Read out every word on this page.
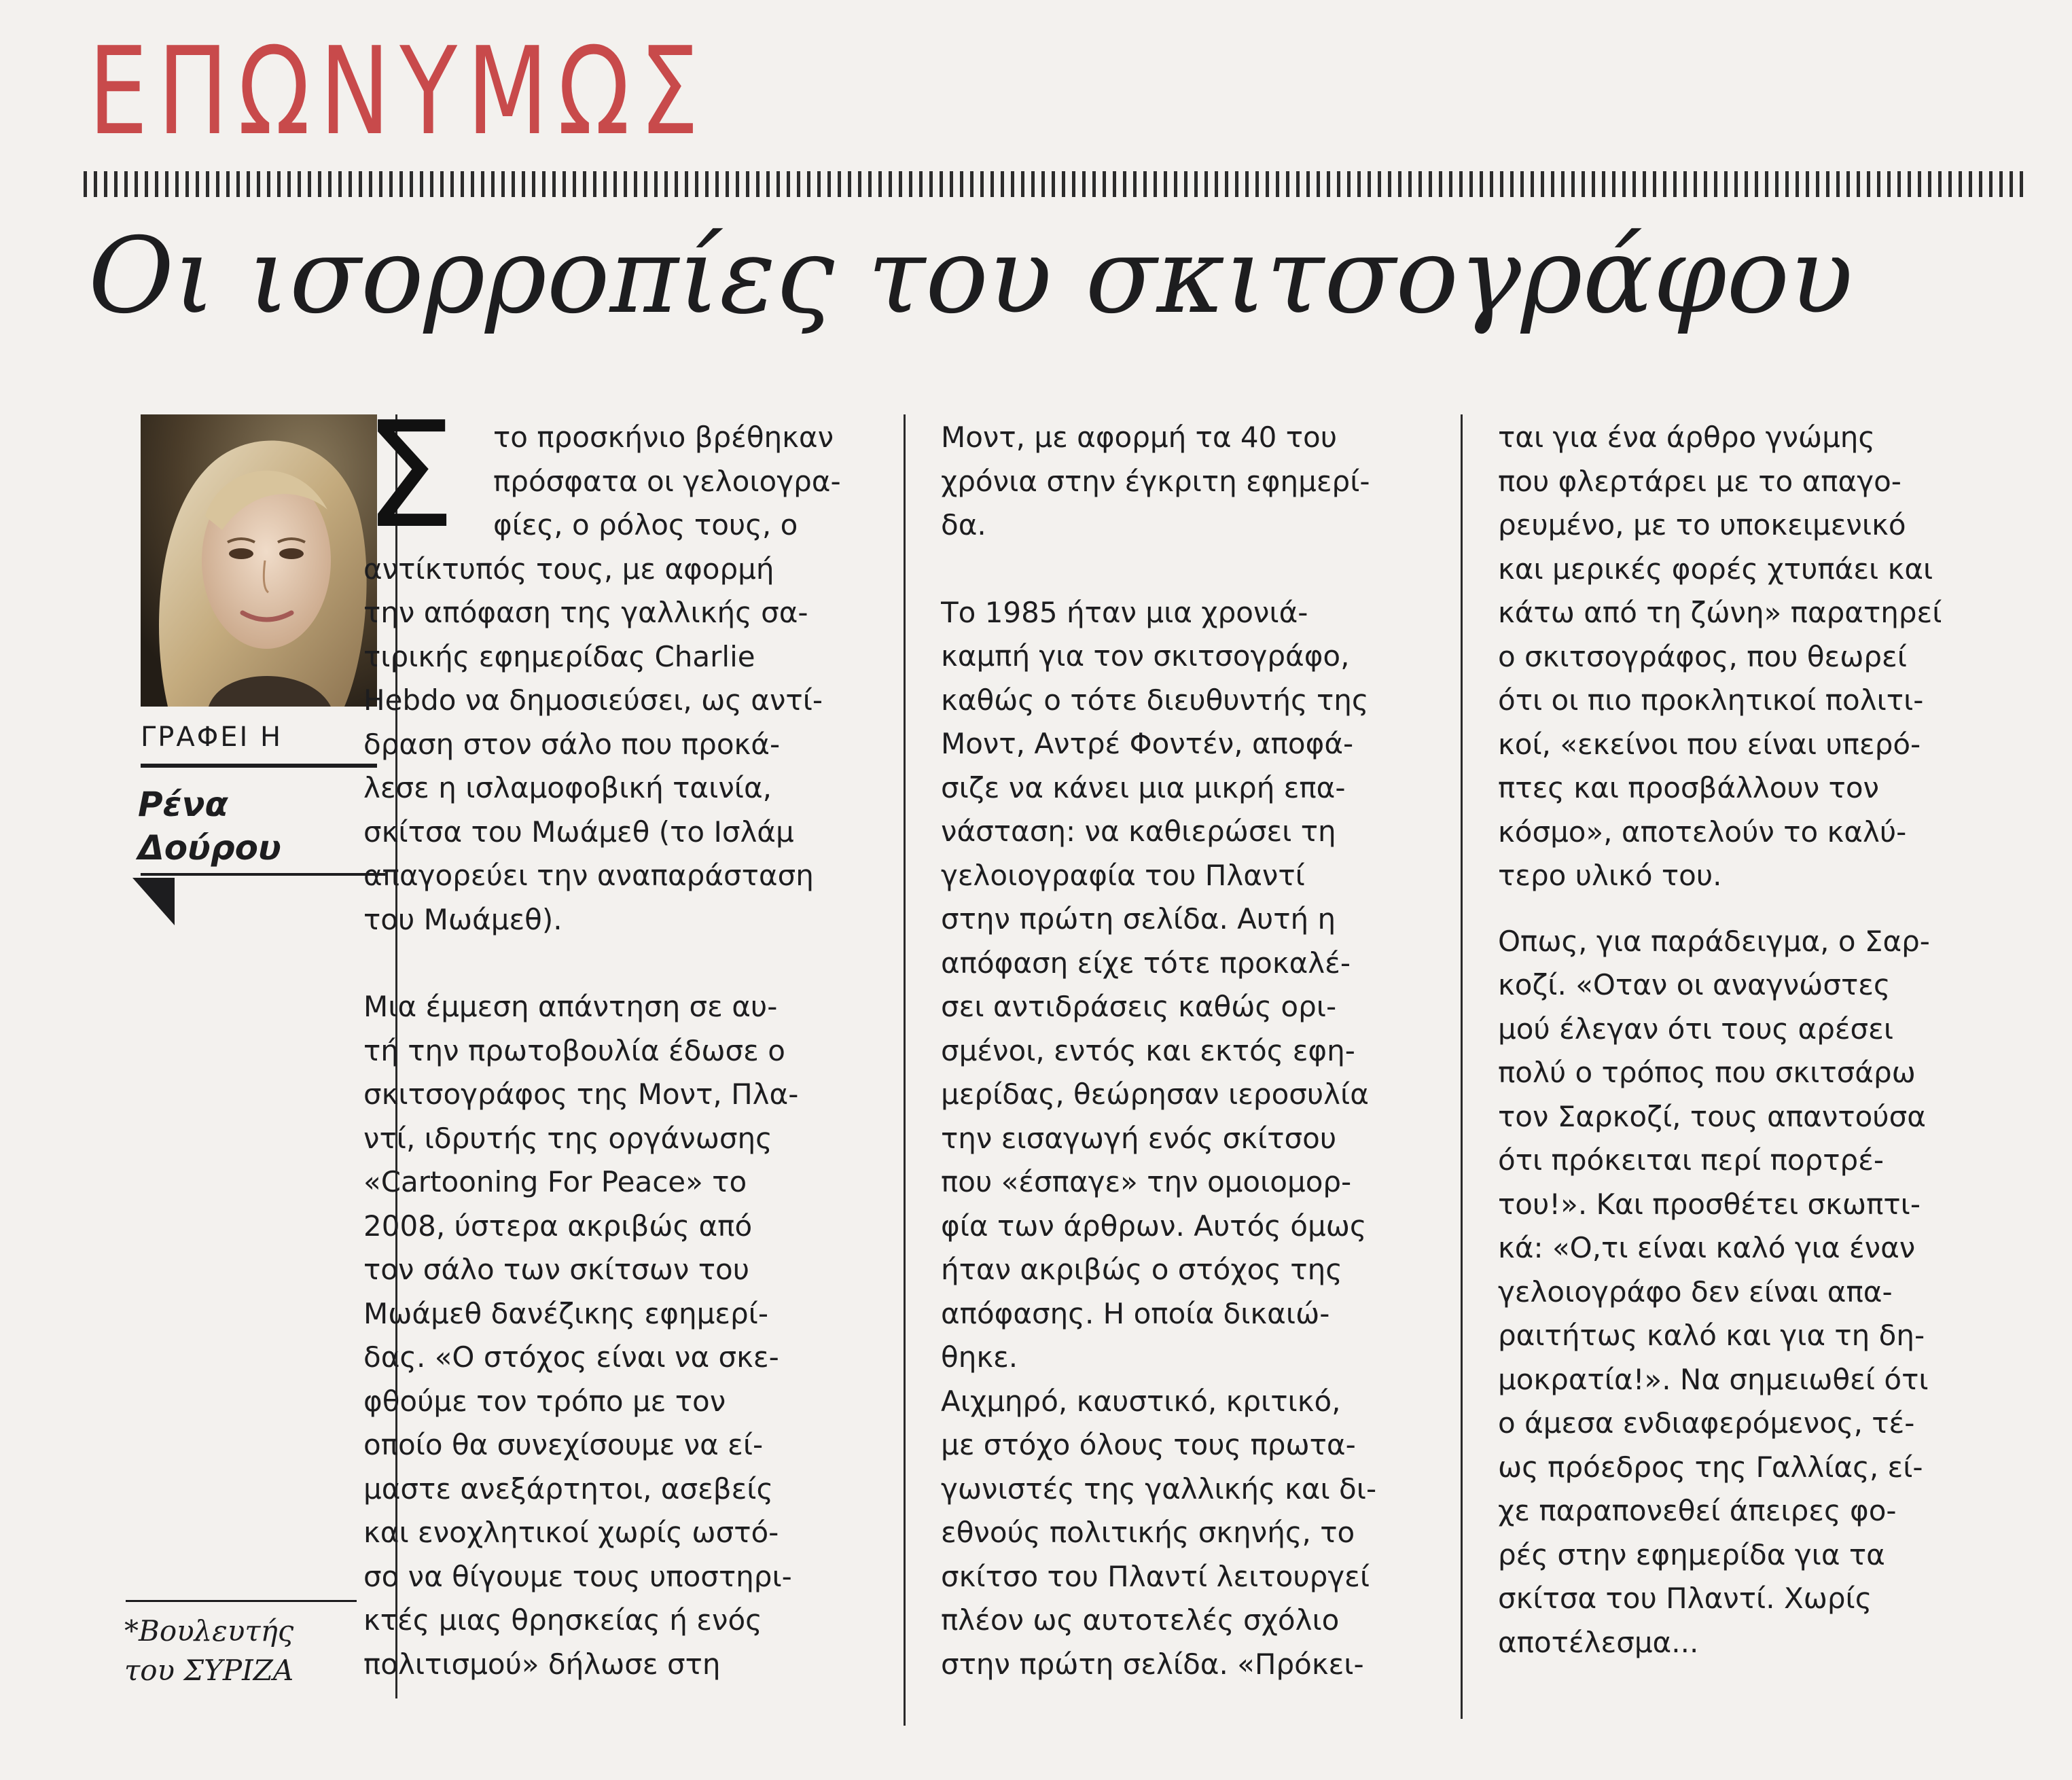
ΕΠΩΝΥΜΩΣ
Οι ισορροπίες του σκιτσογράφου
ΓΡΑΦΕΙ Η
Ρένα
Δούρου
*Βουλευτής
του ΣΥΡΙΖΑ

Σ	το προσκήνιο βρέθηκαν
πρόσφατα οι γελοιογρα-
φίες, ο ρόλος τους, ο
αντίκτυπός τους, με αφορμή
την απόφαση της γαλλικής σα-
τιρικής εφημερίδας Charlie
Hebdo να δημοσιεύσει, ως αντί-
δραση στον σάλο που προκά-
λεσε η ισλαμοφοβική ταινία,
σκίτσα του Μωάμεθ (το Ισλάμ
απαγορεύει την αναπαράσταση
του Μωάμεθ).

Μια έμμεση απάντηση σε αυ-
τή την πρωτοβουλία έδωσε ο
σκιτσογράφος της Μοντ, Πλα-
ντί, ιδρυτής της οργάνωσης
«Cartooning For Peace» το
2008, ύστερα ακριβώς από
τον σάλο των σκίτσων του
Μωάμεθ δανέζικης εφημερί-
δας. «Ο στόχος είναι να σκε-
φθούμε τον τρόπο με τον
οποίο θα συνεχίσουμε να εί-
μαστε ανεξάρτητοι, ασεβείς
και ενοχλητικοί χωρίς ωστό-
σο να θίγουμε τους υποστηρι-
κτές μιας θρησκείας ή ενός
πολιτισμού» δήλωσε στη

Μοντ, με αφορμή τα 40 του
χρόνια στην έγκριτη εφημερί-
δα.

Το 1985 ήταν μια χρονιά-
καμπή για τον σκιτσογράφο,
καθώς ο τότε διευθυντής της
Μοντ, Αντρέ Φοντέν, αποφά-
σιζε να κάνει μια μικρή επα-
νάσταση: να καθιερώσει τη
γελοιογραφία του Πλαντί
στην πρώτη σελίδα. Αυτή η
απόφαση είχε τότε προκαλέ-
σει αντιδράσεις καθώς ορι-
σμένοι, εντός και εκτός εφη-
μερίδας, θεώρησαν ιεροσυλία
την εισαγωγή ενός σκίτσου
που «έσπαγε» την ομοιομορ-
φία των άρθρων. Αυτός όμως
ήταν ακριβώς ο στόχος της
απόφασης. Η οποία δικαιώ-
θηκε.

Αιχμηρό, καυστικό, κριτικό,
με στόχο όλους τους πρωτα-
γωνιστές της γαλλικής και δι-
εθνούς πολιτικής σκηνής, το
σκίτσο του Πλαντί λειτουργεί
πλέον ως αυτοτελές σχόλιο
στην πρώτη σελίδα. «Πρόκει-

ται για ένα άρθρο γνώμης
που φλερτάρει με το απαγο-
ρευμένο, με το υποκειμενικό
και μερικές φορές χτυπάει και
κάτω από τη ζώνη» παρατηρεί
ο σκιτσογράφος, που θεωρεί
ότι οι πιο προκλητικοί πολιτι-
κοί, «εκείνοι που είναι υπερό-
πτες και προσβάλλουν τον
κόσμο», αποτελούν το καλύ-
τερο υλικό του.

Οπως, για παράδειγμα, ο Σαρ-
κοζί. «Οταν οι αναγνώστες
μού έλεγαν ότι τους αρέσει
πολύ ο τρόπος που σκιτσάρω
τον Σαρκοζί, τους απαντούσα
ότι πρόκειται περί πορτρέ-
του!». Και προσθέτει σκωπτι-
κά: «Ο,τι είναι καλό για έναν
γελοιογράφο δεν είναι απα-
ραιτήτως καλό και για τη δη-
μοκρατία!». Να σημειωθεί ότι
ο άμεσα ενδιαφερόμενος, τέ-
ως πρόεδρος της Γαλλίας, εί-
χε παραπονεθεί άπειρες φο-
ρές στην εφημερίδα για τα
σκίτσα του Πλαντί. Χωρίς
αποτέλεσμα...
